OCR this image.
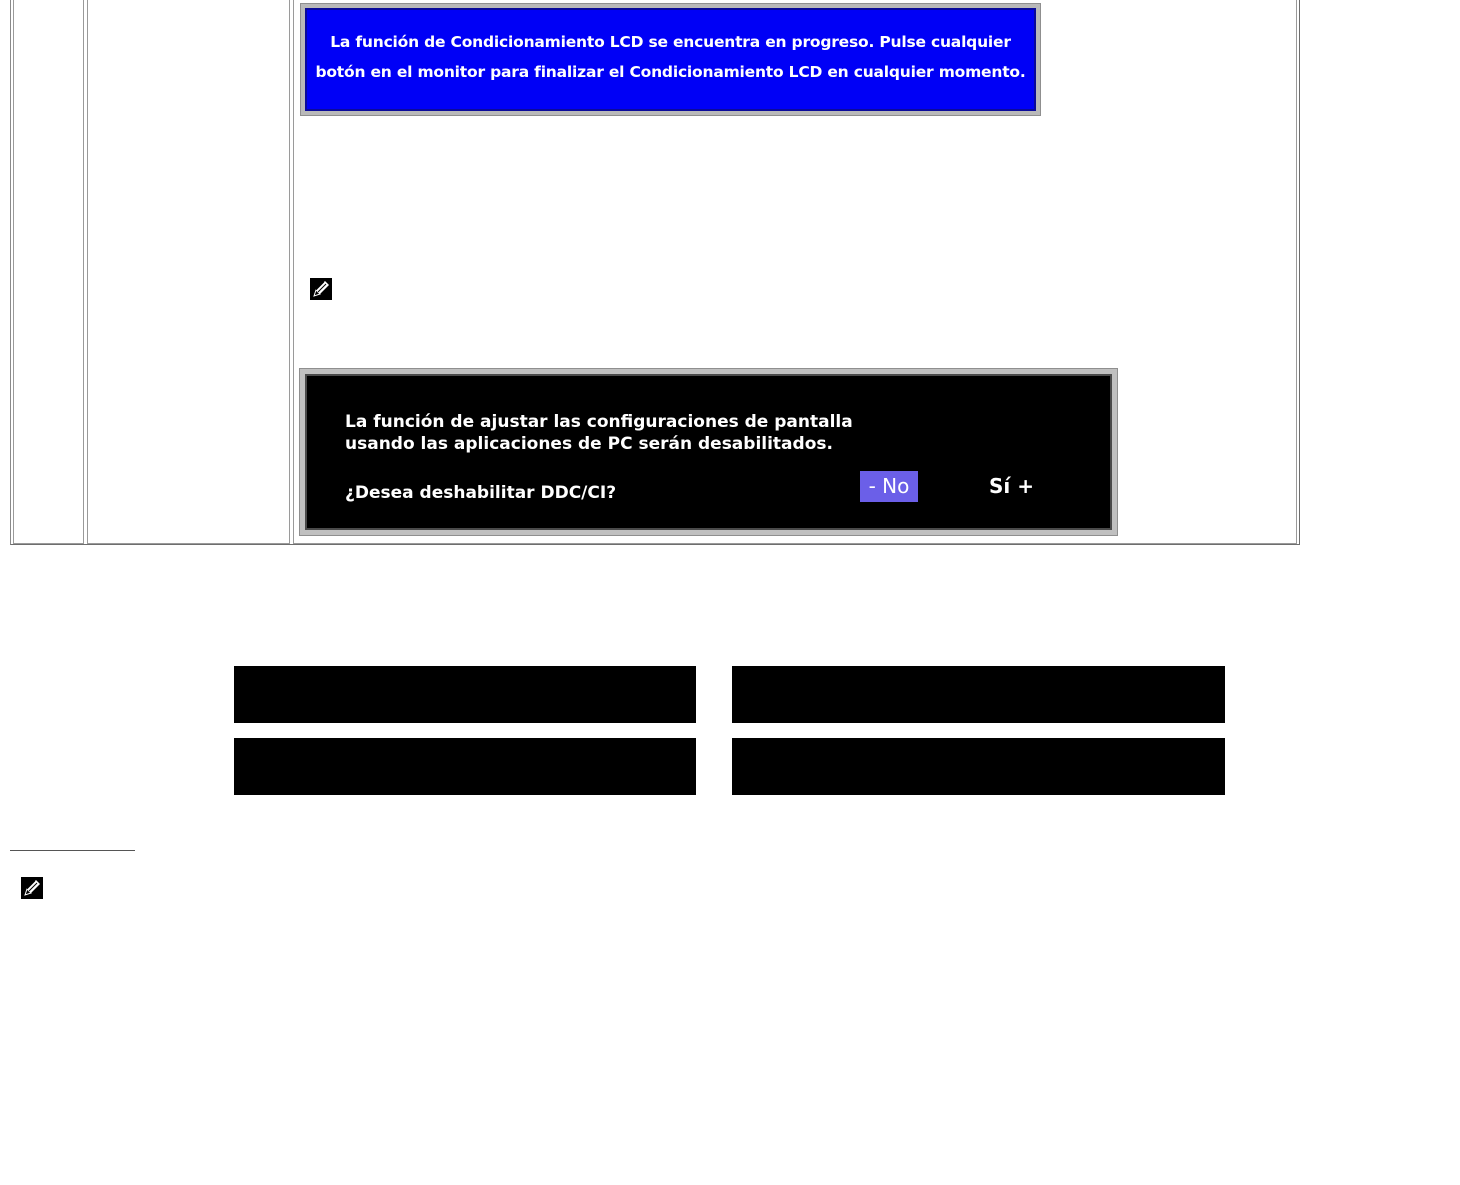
La función de Condicionamiento LCD se encuentra en progreso. Pulse cualquier
botón en el monitor para finalizar el Condicionamiento LCD en cualquier momento.
La función de ajustar las configuraciones de pantalla
usando las aplicaciones de PC serán desabilitados.
¿Desea deshabilitar DDC/CI?	- No	Sí +
